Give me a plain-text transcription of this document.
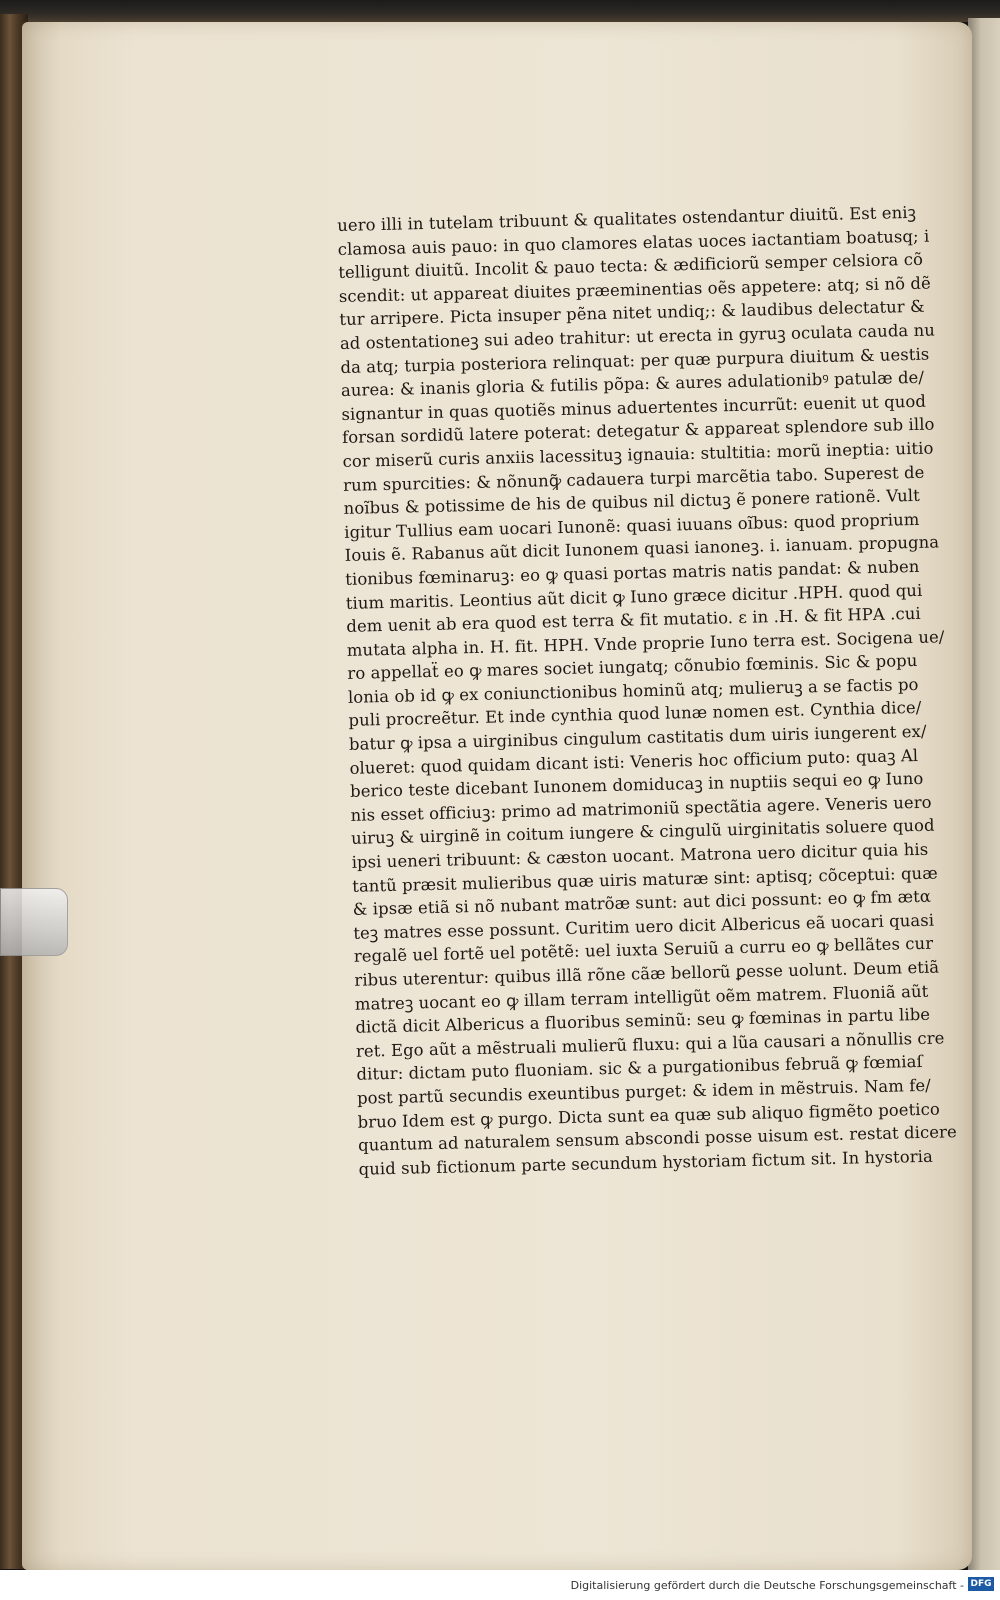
uero illi in tutelam tribuunt & qualitates ostendantur diuitũ. Est eniꝫ
clamosa auis pauo: in quo clamores elatas uoces iactantiam boatusq; i
telligunt diuitũ. Incolit & pauo tecta: & ædificiorũ semper celsiora cõ
scendit: ut appareat diuites præeminentias oẽs appetere: atq; si nõ dẽ
tur arripere. Picta insuper pẽna nitet undiq;: & laudibus delectatur &
ad ostentationeꝫ sui adeo trahitur: ut erecta in gyruꝫ oculata cauda nu
da atq; turpia posteriora relinquat: per quæ purpura diuitum & uestis
aurea: & inanis gloria & futilis põpa: & aures adulationibꝰ patulæ de/
signantur in quas quotiẽs minus aduertentes incurrũt: euenit ut quod
forsan sordidũ latere poterat: detegatur & appareat splendore sub illo
cor miserũ curis anxiis lacessituꝫ ignauia: stultitia: morũ ineptia: uitio
rum spurcities: & nõnunꝙ̃ cadauera turpi marcẽtia tabo. Superest de
noĩbus & potissime de his de quibus nil dictuꝫ ẽ ponere rationẽ. Vult
igitur Tullius eam uocari Iunonẽ: quasi iuuans oĩbus: quod proprium
Iouis ẽ. Rabanus aũt dicit Iunonem quasi ianoneꝫ. i. ianuam. propugna
tionibus fœminaruꝫ: eo ꝙ quasi portas matris natis pandat: & nuben
tium maritis. Leontius aũt dicit ꝙ Iuno græce dicitur .ΗΡΗ. quod qui
dem uenit ab era quod est terra & fit mutatio. ε in .Η. & fit ΗΡΑ .cui
mutata alpha in. Η. fit. ΗΡΗ. Vnde proprie Iuno terra est. Socigena ue/
ro appellaẗ eo ꝙ mares societ iungatq; cõnubio fœminis. Sic & popu
lonia ob id ꝙ ex coniunctionibus hominũ atq; mulieruꝫ a se factis po
puli procreẽtur. Et inde cynthia quod lunæ nomen est. Cynthia dice/
batur ꝙ ipsa a uirginibus cingulum castitatis dum uiris iungerent ex/
olueret: quod quidam dicant isti: Veneris hoc officium puto: quaꝫ Al
berico teste dicebant Iunonem domiducaꝫ in nuptiis sequi eo ꝙ Iuno
nis esset officiuꝫ: primo ad matrimoniũ spectãtia agere. Veneris uero
uiruꝫ & uirginẽ in coitum iungere & cingulũ uirginitatis soluere quod
ipsi ueneri tribuunt: & cæston uocant. Matrona uero dicitur quia his
tantũ præsit mulieribus quæ uiris maturæ sint: aptisq; cõceptui: quæ
& ipsæ etiã si nõ nubant matrõæ sunt: aut dici possunt: eo ꝙ fm ætα
teꝫ matres esse possunt. Curitim uero dicit Albericus eã uocari quasi
regalẽ uel fortẽ uel potẽtẽ: uel iuxta Seruiũ a curru eo ꝙ bellãtes cur
ribus uterentur: quibus illã rõne cãæ bellorũ ꝑesse uolunt. Deum etiã
matreꝫ uocant eo ꝙ illam terram intelligũt oẽm matrem. Fluoniã aũt
dictã dicit Albericus a fluoribus seminũ: seu ꝙ fœminas in partu libe
ret. Ego aũt a mẽstruali mulierũ fluxu: qui a lũa causari a nõnullis cre
ditur: dictam puto fluoniam. sic & a purgationibus februã ꝙ fœmiaſ
post partũ secundis exeuntibus purget: & idem in mẽstruis. Nam fe/
bruo Idem est ꝙ purgo. Dicta sunt ea quæ sub aliquo figmẽto poetico
quantum ad naturalem sensum abscondi posse uisum est. restat dicere
quid sub fictionum parte secundum hystoriam fictum sit. In hystoria
Digitalisierung gefördert durch die Deutsche Forschungsgemeinschaft - DFG
